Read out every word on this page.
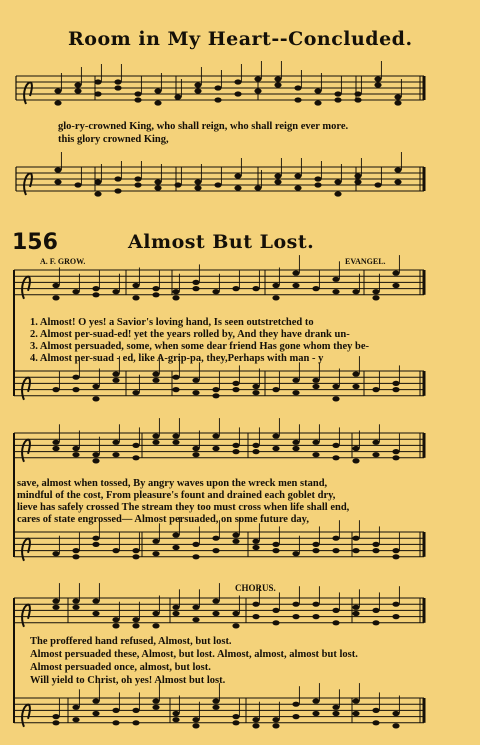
Room in My Heart--Concluded.
glo-ry-crowned King, who shall reign, who shall reign ever more.
this glory crowned King,
156	Almost But Lost.
A. F. GROW.	EVANGEL.
1. Almost! O yes! a Savior's loving hand, Is seen outstretched to
2. Almost per-suad-ed! yet the years rolled by, And they have drank un-
3. Almost persuaded, some, when some dear friend Has gone whom they be-
4. Almost per-suad - ed, like A-grip-pa, they,Perhaps with man - y
save, almost when tossed, By angry waves upon the wreck men stand,
mindful of the cost, From pleasure's fount and drained each goblet dry,
lieve has safely crossed The stream they too must cross when life shall end,
cares of state engrossed— Almost persuaded, on some future day,
CHORUS.
The proffered hand refused, Almost, but lost.
Almost persuaded these, Almost, but lost. Almost, almost, almost but lost.
Almost persuaded once, almost, but lost.
Will yield to Christ, oh yes! Almost but lost.
